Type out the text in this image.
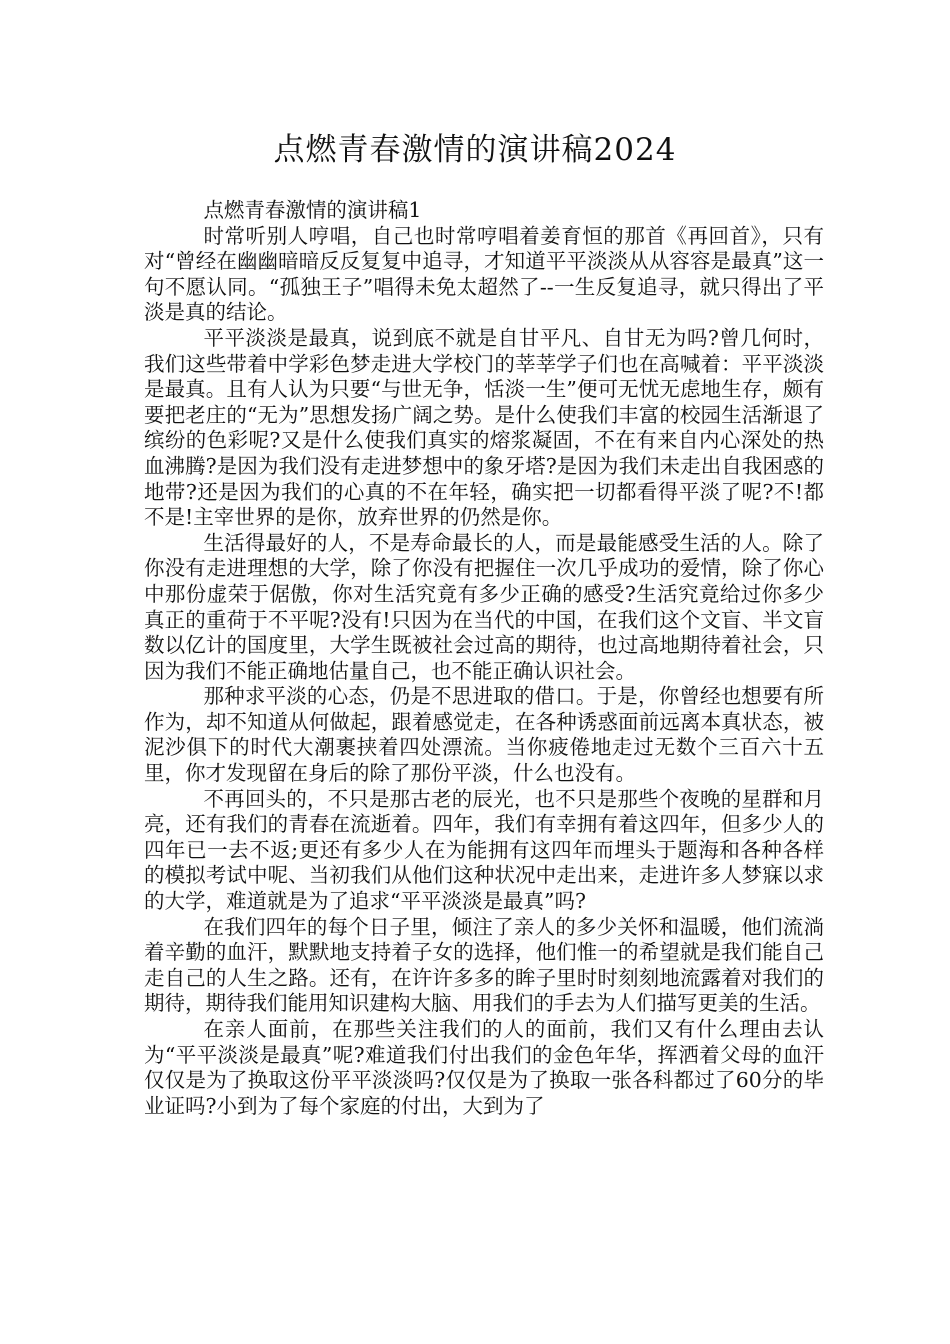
点燃青春激情的演讲稿2024

点燃青春激情的演讲稿1

时常听别人哼唱，自己也时常哼唱着姜育恒的那首《再回首》，只有对“曾经在幽幽暗暗反反复复中追寻，才知道平平淡淡从从容容是最真”这一句不愿认同。“孤独王子”唱得未免太超然了--一生反复追寻，就只得出了平淡是真的结论。

平平淡淡是最真，说到底不就是自甘平凡、自甘无为吗?曾几何时，我们这些带着中学彩色梦走进大学校门的莘莘学子们也在高喊着：平平淡淡是最真。且有人认为只要“与世无争，恬淡一生”便可无忧无虑地生存，颇有要把老庄的“无为”思想发扬广阔之势。是什么使我们丰富的校园生活渐退了缤纷的色彩呢?又是什么使我们真实的熔浆凝固，不在有来自内心深处的热血沸腾?是因为我们没有走进梦想中的象牙塔?是因为我们未走出自我困惑的地带?还是因为我们的心真的不在年轻，确实把一切都看得平淡了呢?不!都不是!主宰世界的是你，放弃世界的仍然是你。

生活得最好的人，不是寿命最长的人，而是最能感受生活的人。除了你没有走进理想的大学，除了你没有把握住一次几乎成功的爱情，除了你心中那份虚荣于倨傲，你对生活究竟有多少正确的感受?生活究竟给过你多少真正的重荷于不平呢?没有!只因为在当代的中国，在我们这个文盲、半文盲数以亿计的国度里，大学生既被社会过高的期待，也过高地期待着社会，只因为我们不能正确地估量自己，也不能正确认识社会。

那种求平淡的心态，仍是不思进取的借口。于是，你曾经也想要有所作为，却不知道从何做起，跟着感觉走，在各种诱惑面前远离本真状态，被泥沙俱下的时代大潮裹挟着四处漂流。当你疲倦地走过无数个三百六十五里，你才发现留在身后的除了那份平淡，什么也没有。

不再回头的，不只是那古老的辰光，也不只是那些个夜晚的星群和月亮，还有我们的青春在流逝着。四年，我们有幸拥有着这四年，但多少人的四年已一去不返;更还有多少人在为能拥有这四年而埋头于题海和各种各样的模拟考试中呢、当初我们从他们这种状况中走出来，走进许多人梦寐以求的大学，难道就是为了追求“平平淡淡是最真”吗?

在我们四年的每个日子里，倾注了亲人的多少关怀和温暖，他们流淌着辛勤的血汗，默默地支持着子女的选择，他们惟一的希望就是我们能自己走自己的人生之路。还有，在许许多多的眸子里时时刻刻地流露着对我们的期待，期待我们能用知识建构大脑、用我们的手去为人们描写更美的生活。

在亲人面前，在那些关注我们的人的面前，我们又有什么理由去认为“平平淡淡是最真”呢?难道我们付出我们的金色年华，挥洒着父母的血汗仅仅是为了换取这份平平淡淡吗?仅仅是为了换取一张各科都过了60分的毕业证吗?小到为了每个家庭的付出，大到为了
